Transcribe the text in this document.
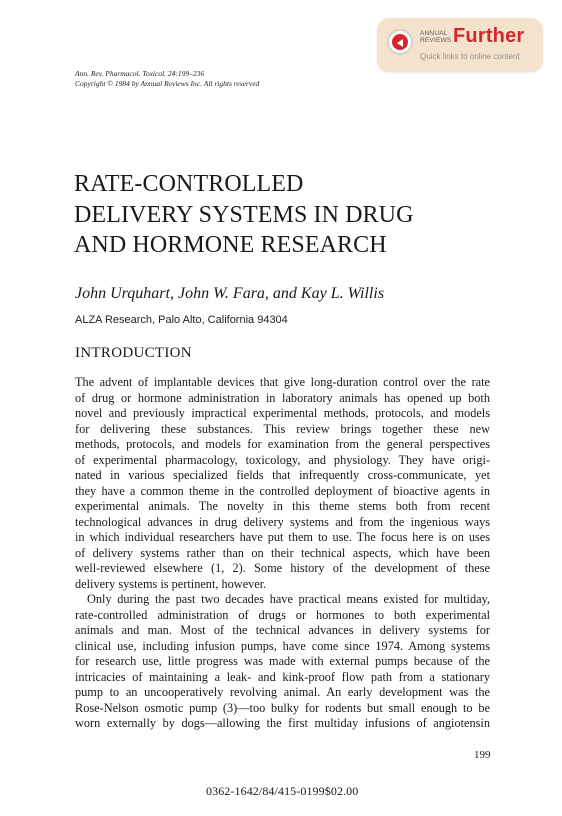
ANNUAL
REVIEWS Further
Quick links to online content
Ann. Rev. Pharmacol. Toxicol. 24:199–236
Copyright © 1984 by Annual Reviews Inc. All rights reserved
RATE-CONTROLLED
DELIVERY SYSTEMS IN DRUG
AND HORMONE RESEARCH
John Urquhart, John W. Fara, and Kay L. Willis
ALZA Research, Palo Alto, California 94304
INTRODUCTION
The advent of implantable devices that give long-duration control over the rate
of drug or hormone administration in laboratory animals has opened up both
novel and previously impractical experimental methods, protocols, and models
for delivering these substances. This review brings together these new
methods, protocols, and models for examination from the general perspectives
of experimental pharmacology, toxicology, and physiology. They have origi-
nated in various specialized fields that infrequently cross-communicate, yet
they have a common theme in the controlled deployment of bioactive agents in
experimental animals. The novelty in this theme stems both from recent
technological advances in drug delivery systems and from the ingenious ways
in which individual researchers have put them to use. The focus here is on uses
of delivery systems rather than on their technical aspects, which have been
well-reviewed elsewhere (1, 2). Some history of the development of these
delivery systems is pertinent, however.
Only during the past two decades have practical means existed for multiday,
rate-controlled administration of drugs or hormones to both experimental
animals and man. Most of the technical advances in delivery systems for
clinical use, including infusion pumps, have come since 1974. Among systems
for research use, little progress was made with external pumps because of the
intricacies of maintaining a leak- and kink-proof flow path from a stationary
pump to an uncooperatively revolving animal. An early development was the
Rose-Nelson osmotic pump (3)—too bulky for rodents but small enough to be
worn externally by dogs—allowing the first multiday infusions of angiotensin
199
0362-1642/84/415-0199$02.00
